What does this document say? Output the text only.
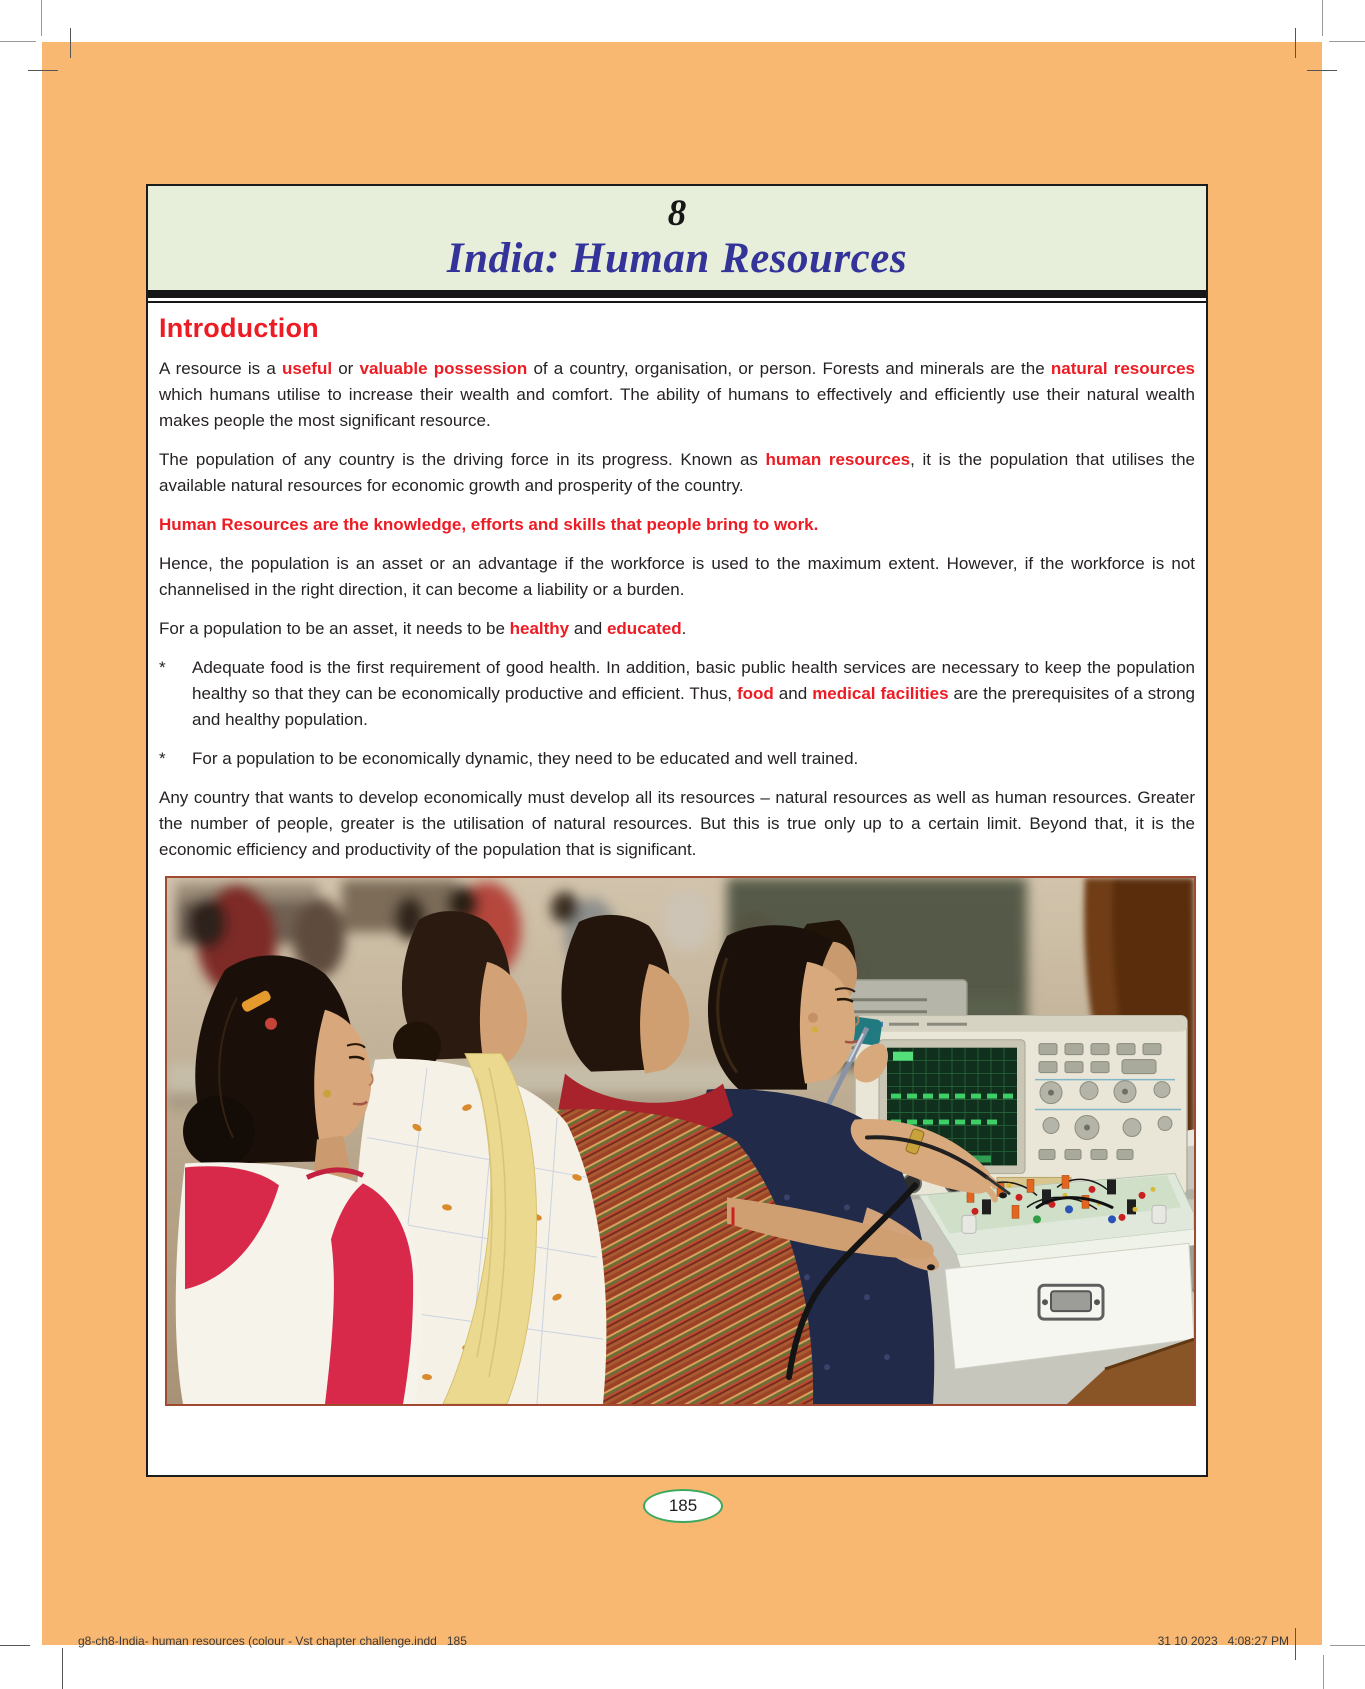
8
India: Human Resources
Introduction
A resource is a useful or valuable possession of a country, organisation, or person. Forests and minerals are the natural resources which humans utilise to increase their wealth and comfort. The ability of humans to effectively and efficiently use their natural wealth makes people the most significant resource.
The population of any country is the driving force in its progress. Known as human resources, it is the population that utilises the available natural resources for economic growth and prosperity of the country.
Human Resources are the knowledge, efforts and skills that people bring to work.
Hence, the population is an asset or an advantage if the workforce is used to the maximum extent. However, if the workforce is not channelised in the right direction, it can become a liability or a burden.
For a population to be an asset, it needs to be healthy and educated.
*	Adequate food is the first requirement of good health. In addition, basic public health services are necessary to keep the population healthy so that they can be economically productive and efficient. Thus, food and medical facilities are the prerequisites of a strong and healthy population.
*	For a population to be economically dynamic, they need to be educated and well trained.
Any country that wants to develop economically must develop all its resources – natural resources as well as human resources. Greater the number of people, greater is the utilisation of natural resources. But this is true only up to a certain limit. Beyond that, it is the economic efficiency and productivity of the population that is significant.
185
g8-ch8-India- human resources (colour - Vst chapter challenge.indd   185	31 10 2023   4:08:27 PM
